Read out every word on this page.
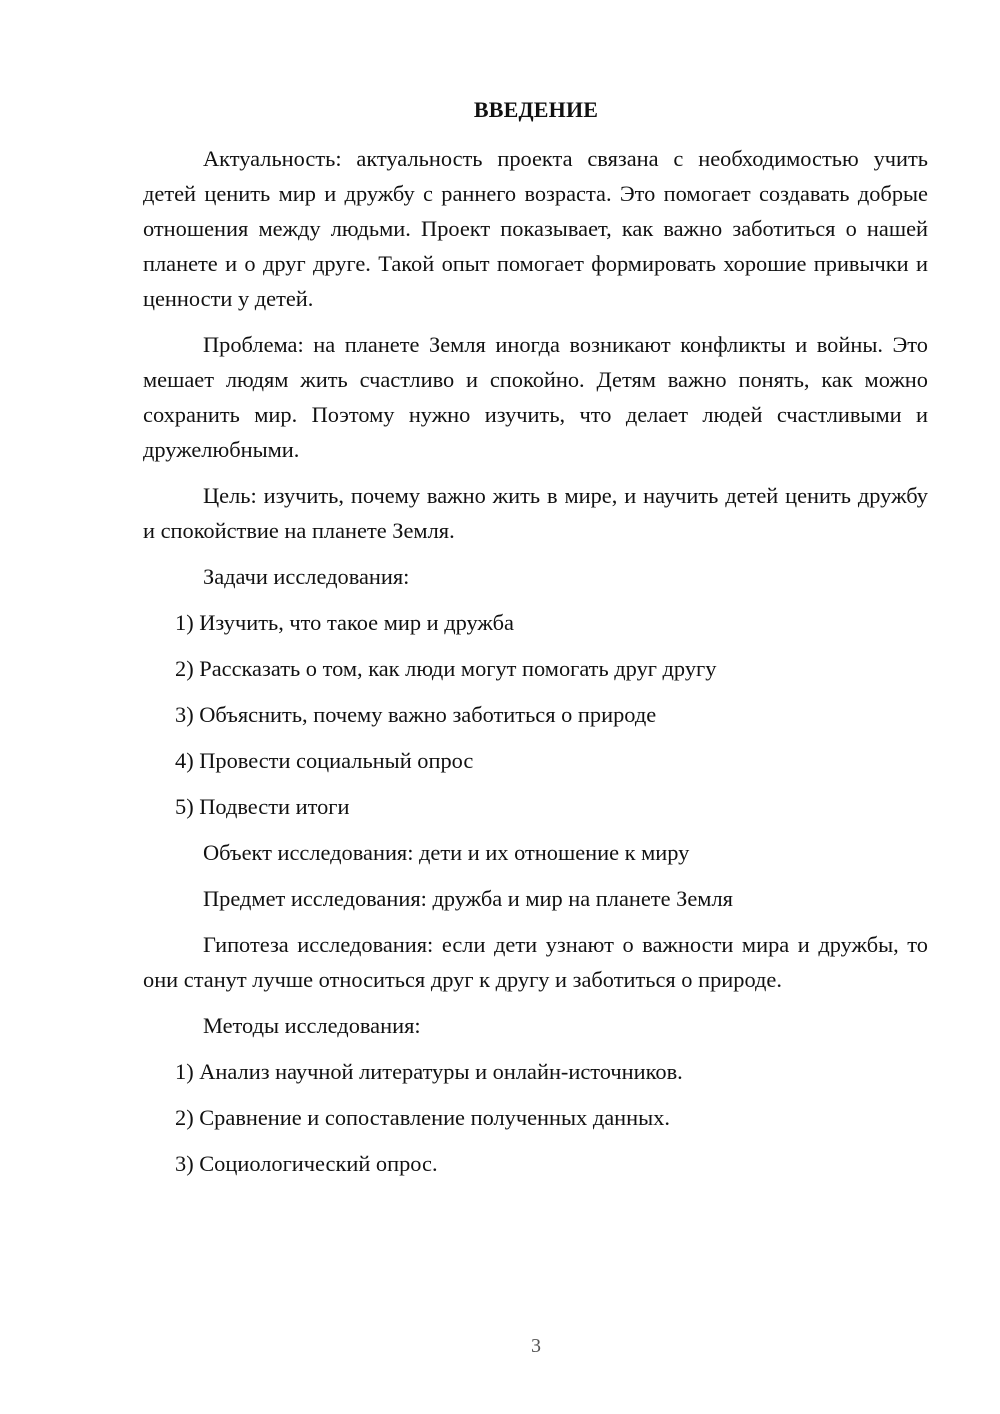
ВВЕДЕНИЕ

Актуальность: актуальность проекта связана с необходимостью учить детей ценить мир и дружбу с раннего возраста. Это помогает создавать добрые отношения между людьми. Проект показывает, как важно заботиться о нашей планете и о друг друге. Такой опыт помогает формировать хорошие привычки и ценности у детей.

Проблема: на планете Земля иногда возникают конфликты и войны. Это мешает людям жить счастливо и спокойно. Детям важно понять, как можно сохранить мир. Поэтому нужно изучить, что делает людей счастливыми и дружелюбными.

Цель: изучить, почему важно жить в мире, и научить детей ценить дружбу и спокойствие на планете Земля.

Задачи исследования:

1) Изучить, что такое мир и дружба

2) Рассказать о том, как люди могут помогать друг другу

3) Объяснить, почему важно заботиться о природе

4) Провести социальный опрос

5) Подвести итоги

Объект исследования: дети и их отношение к миру

Предмет исследования: дружба и мир на планете Земля

Гипотеза исследования: если дети узнают о важности мира и дружбы, то они станут лучше относиться друг к другу и заботиться о природе.

Методы исследования:

1) Анализ научной литературы и онлайн-источников.

2) Сравнение и сопоставление полученных данных.

3) Социологический опрос.

3
